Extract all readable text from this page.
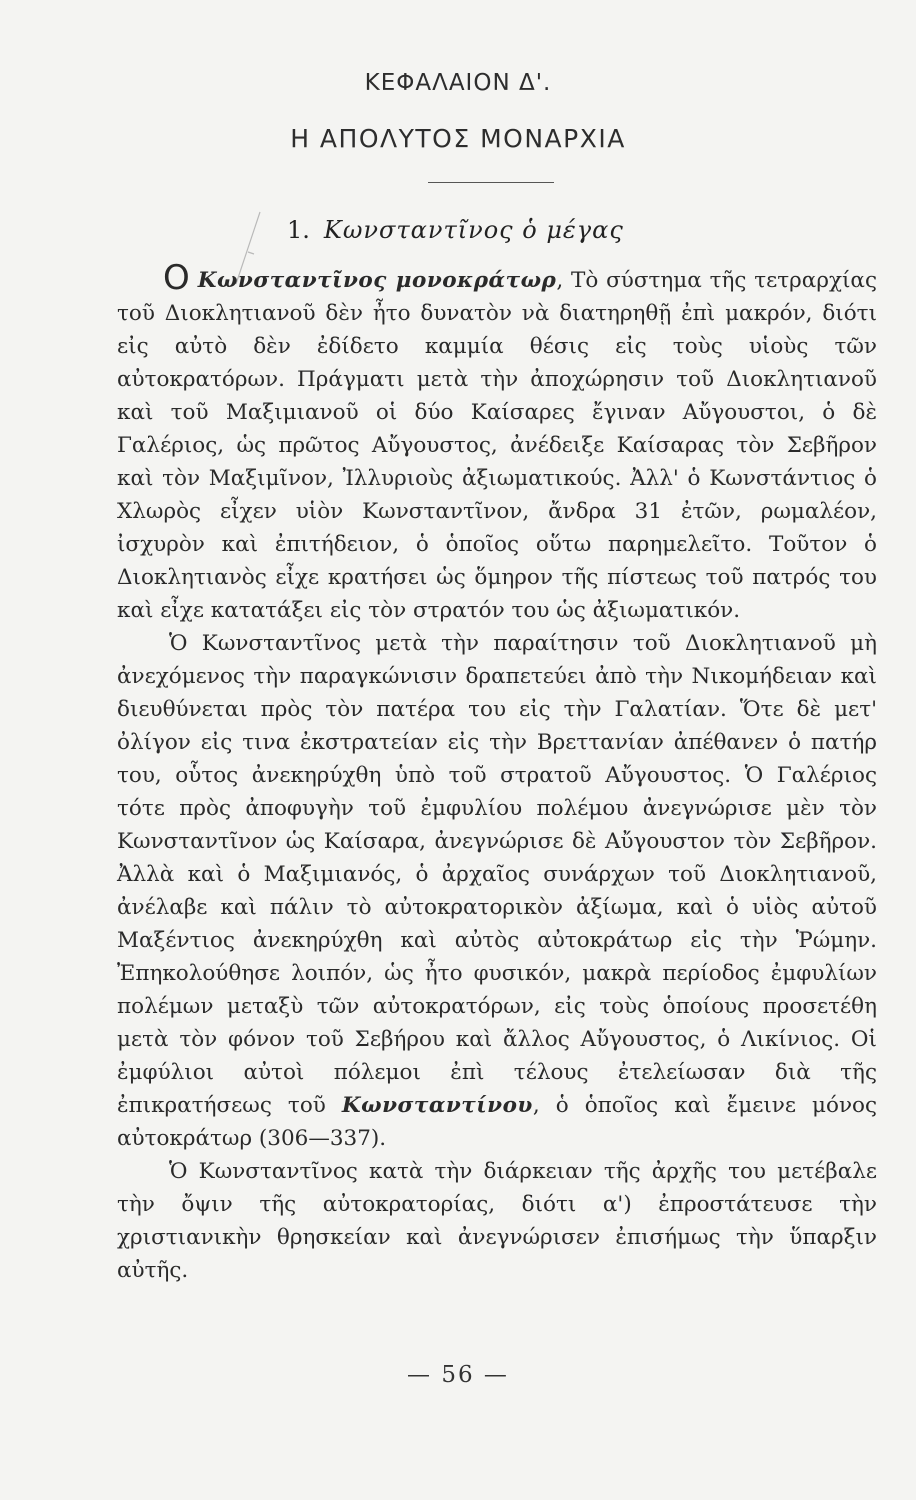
ΚΕΦΑΛΑΙΟΝ Δ'.
Η ΑΠΟΛΥΤΟΣ ΜΟΝΑΡΧΙΑ
1. Κωνσταντῖνος ὁ μέγας

Ο Κωνσταντῖνος μονοκράτωρ, Τὸ σύστημα τῆς τετραρχίας τοῦ Διοκλητιανοῦ δὲν ἦτο δυνατὸν νὰ διατηρηθῇ ἐπὶ μακρόν, διότι εἰς αὐτὸ δὲν ἐδίδετο καμμία θέσις εἰς τοὺς υἱοὺς τῶν αὐτοκρατόρων. Πράγματι μετὰ τὴν ἀποχώρησιν τοῦ Διοκλητιανοῦ καὶ τοῦ Μαξιμιανοῦ οἱ δύο Καίσαρες ἔγιναν Αὔγουστοι, ὁ δὲ Γαλέριος, ὡς πρῶτος Αὔγουστος, ἀνέδειξε Καίσαρας τὸν Σεβῆρον καὶ τὸν Μαξιμῖνον, Ἰλλυριοὺς ἀξιωματικούς. Ἀλλ' ὁ Κωνστάντιος ὁ Χλωρὸς εἶχεν υἱὸν Κωνσταντῖνον, ἄνδρα 31 ἐτῶν, ρωμαλέον, ἰσχυρὸν καὶ ἐπιτήδειον, ὁ ὁποῖος οὕτω παρημελεῖτο. Τοῦτον ὁ Διοκλητιανὸς εἶχε κρατήσει ὡς ὅμηρον τῆς πίστεως τοῦ πατρός του καὶ εἶχε κατατάξει εἰς τὸν στρατόν του ὡς ἀξιωματικόν.

Ὁ Κωνσταντῖνος μετὰ τὴν παραίτησιν τοῦ Διοκλητιανοῦ μὴ ἀνεχόμενος τὴν παραγκώνισιν δραπετεύει ἀπὸ τὴν Νικομήδειαν καὶ διευθύνεται πρὸς τὸν πατέρα του εἰς τὴν Γαλατίαν. Ὅτε δὲ μετ' ὀλίγον εἰς τινα ἐκστρατείαν εἰς τὴν Βρεττανίαν ἀπέθανεν ὁ πατήρ του, οὗτος ἀνεκηρύχθη ὑπὸ τοῦ στρατοῦ Αὔγουστος. Ὁ Γαλέριος τότε πρὸς ἀποφυγὴν τοῦ ἐμφυλίου πολέμου ἀνεγνώρισε μὲν τὸν Κωνσταντῖνον ὡς Καίσαρα, ἀνεγνώρισε δὲ Αὔγουστον τὸν Σεβῆρον. Ἀλλὰ καὶ ὁ Μαξιμιανός, ὁ ἀρχαῖος συνάρχων τοῦ Διοκλητιανοῦ, ἀνέλαβε καὶ πάλιν τὸ αὐτοκρατορικὸν ἀξίωμα, καὶ ὁ υἱὸς αὐτοῦ Μαξέντιος ἀνεκηρύχθη καὶ αὐτὸς αὐτοκράτωρ εἰς τὴν Ῥώμην. Ἐπηκολούθησε λοιπόν, ὡς ἦτο φυσικόν, μακρὰ περίοδος ἐμφυλίων πολέμων μεταξὺ τῶν αὐτοκρατόρων, εἰς τοὺς ὁποίους προσετέθη μετὰ τὸν φόνον τοῦ Σεβήρου καὶ ἄλλος Αὔγουστος, ὁ Λικίνιος. Οἱ ἐμφύλιοι αὐτοὶ πόλεμοι ἐπὶ τέλους ἐτελείωσαν διὰ τῆς ἐπικρατήσεως τοῦ Κωνσταντίνου, ὁ ὁποῖος καὶ ἔμεινε μόνος αὐτοκράτωρ (306—337).

Ὁ Κωνσταντῖνος κατὰ τὴν διάρκειαν τῆς ἀρχῆς του μετέβαλε τὴν ὄψιν τῆς αὐτοκρατορίας, διότι α') ἐπροστάτευσε τὴν χριστιανικὴν θρησκείαν καὶ ἀνεγνώρισεν ἐπισήμως τὴν ὕπαρξιν αὐτῆς.

— 56 —
